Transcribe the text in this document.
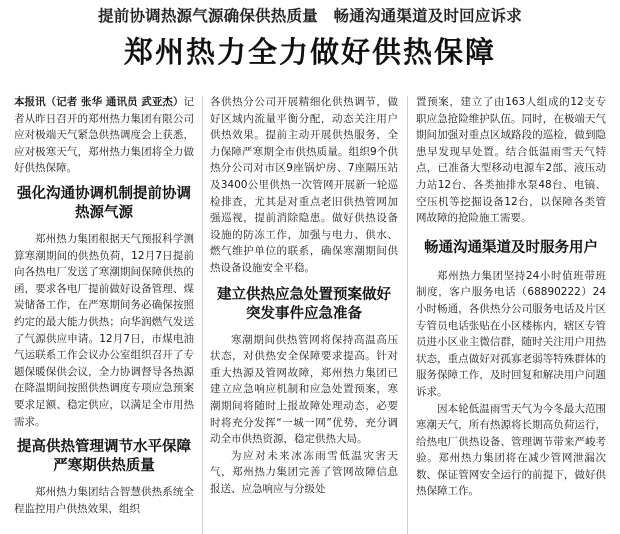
提前协调热源气源确保供热质量　畅通沟通渠道及时回应诉求
郑州热力全力做好供热保障

本报讯（记者 张华 通讯员 武亚杰）记者从昨日召开的郑州热力集团有限公司应对极端天气紧急供热调度会上获悉，应对极寒天气，郑州热力集团将全力做好供热保障。

强化沟通协调机制提前协调热源气源

郑州热力集团根据天气预报科学测算寒潮期间的供热负荷，12月7日提前向各热电厂发送了寒潮期间保障供热的函，要求各电厂提前做好设备管理、煤炭储备工作，在严寒期间务必确保按照约定的最大能力供热；向华润燃气发送了气源供应申请。12月7日，市煤电油气运联系工作会议办公室组织召开了专题保暖保供会议，全力协调督导各热源在降温期间按照供热调度专项应急预案要求足额、稳定供应，以满足全市用热需求。

提高供热管理调节水平保障严寒期供热质量

郑州热力集团结合智慧供热系统全程监控用户供热效果，组织

各供热分公司开展精细化供热调节，做好区域内流量平衡分配，动态关注用户供热效果。提前主动开展供热服务，全力保障严寒期全市供热质量。组织9个供热分公司对市区9座锅炉房、7座隔压站及3400公里供热一次管网开展新一轮巡检排查，尤其是对重点老旧供热管网加强巡视，提前消除隐患。做好供热设备设施的防冻工作，加强与电力、供水、燃气维护单位的联系，确保寒潮期间供热设备设施安全平稳。

建立供热应急处置预案做好突发事件应急准备

寒潮期间供热管网将保持高温高压状态，对供热安全保障要求提高。针对重大热源及管网故障，郑州热力集团已建立应急响应机制和应急处置预案，寒潮期间将随时上报故障处理动态，必要时将充分发挥“一城一网”优势，充分调动全市供热资源，稳定供热大局。

为应对未来冰冻雨雪低温灾害天气，郑州热力集团完善了管网故障信息报送、应急响应与分级处

置预案，建立了由163人组成的12支专职应急抢险维护队伍。同时，在极端天气期间加强对重点区域路段的巡检，做到隐患早发现早处置。结合低温雨雪天气特点，已准备大型移动电源车2部、液压动力站12台、各类抽排水泵48台、电镐、空压机等挖掘设备12台，以保障各类管网故障的抢险施工需要。

畅通沟通渠道及时服务用户

郑州热力集团坚持24小时值班带班制度，客户服务电话（68890222）24小时畅通，各供热分公司服务电话及片区专管员电话张贴在小区楼栋内，辖区专管员进小区业主微信群，随时关注用户用热状态，重点做好对孤寡老弱等特殊群体的服务保障工作，及时回复和解决用户问题诉求。

因本轮低温雨雪天气为今冬最大范围寒潮天气，所有热源将长期高负荷运行，给热电厂供热设备、管理调节带来严峻考验。郑州热力集团将在减少管网泄漏次数、保证管网安全运行的前提下，做好供热保障工作。
